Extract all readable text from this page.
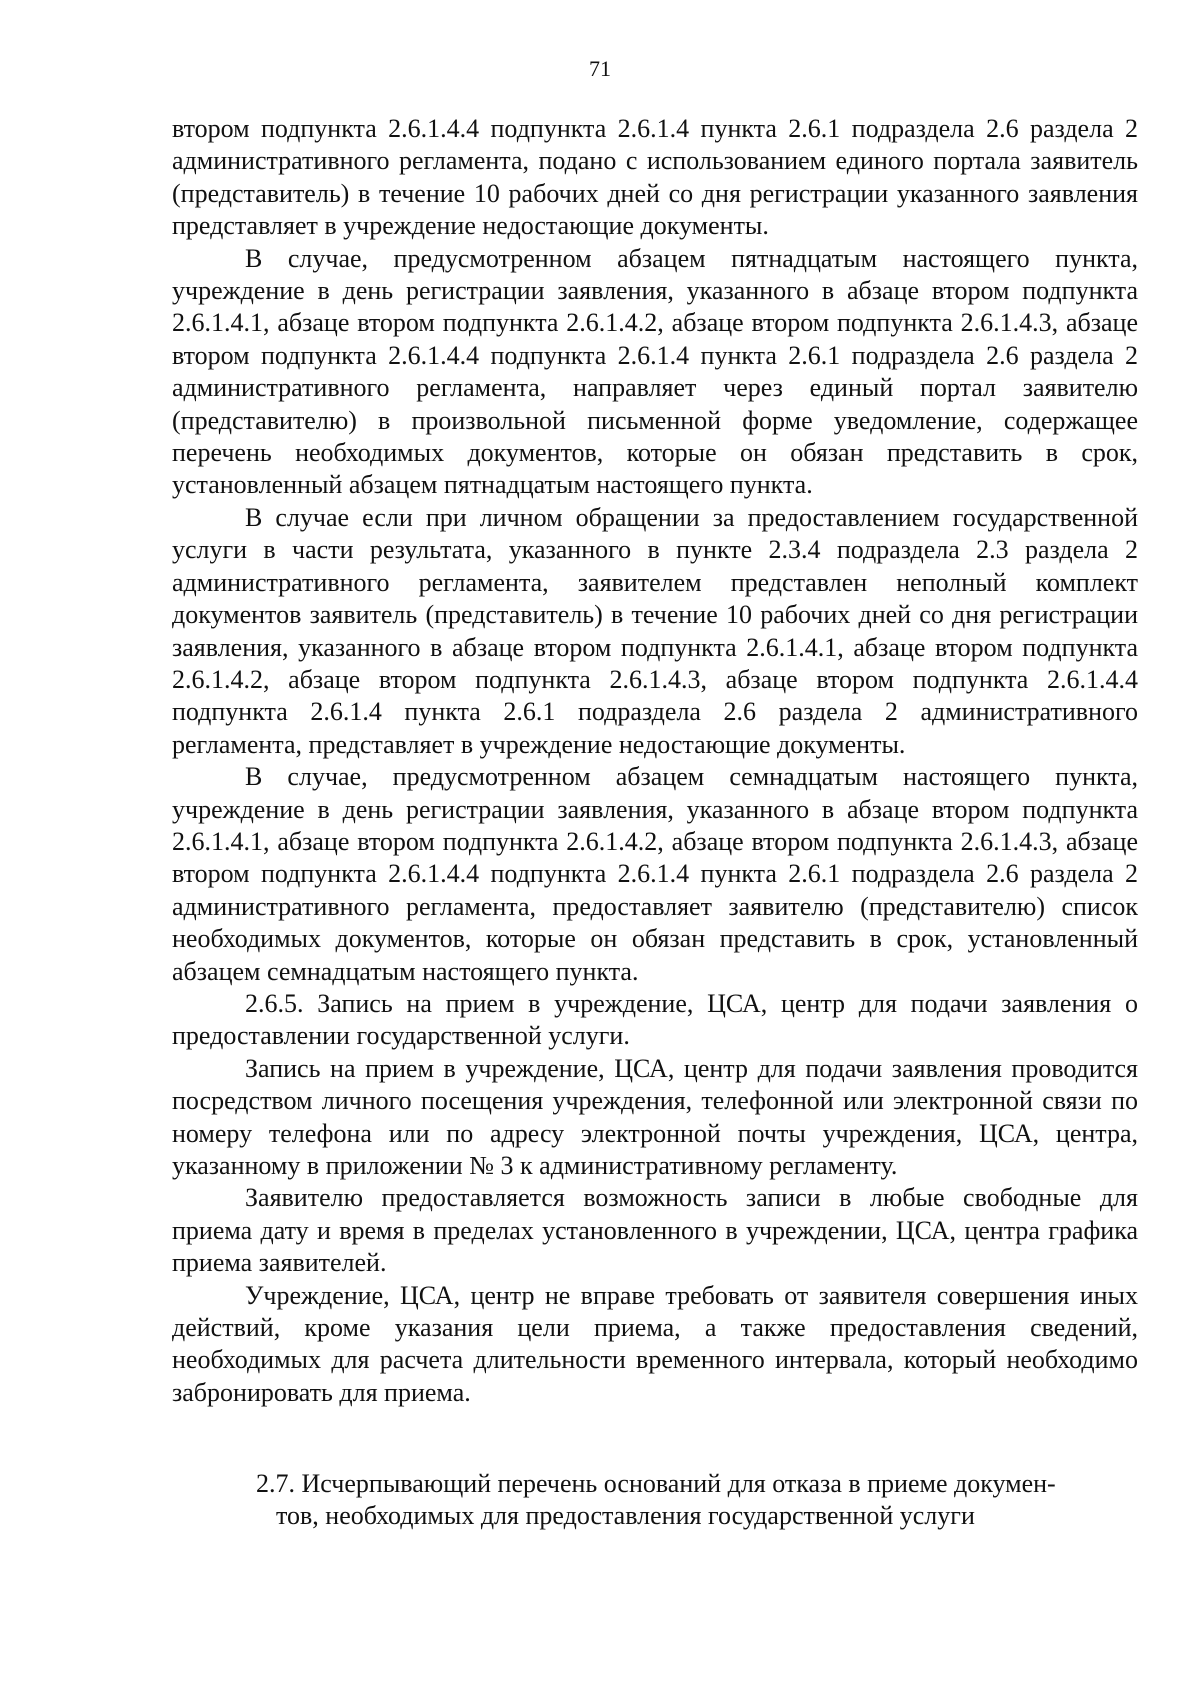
71

втором подпункта 2.6.1.4.4 подпункта 2.6.1.4 пункта 2.6.1 подраздела 2.6 раздела 2 административного регламента, подано с использованием единого портала заявитель (представитель) в течение 10 рабочих дней со дня регистрации указанного заявления представляет в учреждение недостающие документы.

В случае, предусмотренном абзацем пятнадцатым настоящего пункта, учреждение в день регистрации заявления, указанного в абзаце втором подпункта 2.6.1.4.1, абзаце втором подпункта 2.6.1.4.2, абзаце втором подпункта 2.6.1.4.3, абзаце втором подпункта 2.6.1.4.4 подпункта 2.6.1.4 пункта 2.6.1 подраздела 2.6 раздела 2 административного регламента, направляет через единый портал заявителю (представителю) в произвольной письменной форме уведомление, содержащее перечень необходимых документов, которые он обязан представить в срок, установленный абзацем пятнадцатым настоящего пункта.

В случае если при личном обращении за предоставлением государственной услуги в части результата, указанного в пункте 2.3.4 подраздела 2.3 раздела 2 административного регламента, заявителем представлен неполный комплект документов заявитель (представитель) в течение 10 рабочих дней со дня регистрации заявления, указанного в абзаце втором подпункта 2.6.1.4.1, абзаце втором подпункта 2.6.1.4.2, абзаце втором подпункта 2.6.1.4.3, абзаце втором подпункта 2.6.1.4.4 подпункта 2.6.1.4 пункта 2.6.1 подраздела 2.6 раздела 2 административного регламента, представляет в учреждение недостающие документы.

В случае, предусмотренном абзацем семнадцатым настоящего пункта, учреждение в день регистрации заявления, указанного в абзаце втором подпункта 2.6.1.4.1, абзаце втором подпункта 2.6.1.4.2, абзаце втором подпункта 2.6.1.4.3, абзаце втором подпункта 2.6.1.4.4 подпункта 2.6.1.4 пункта 2.6.1 подраздела 2.6 раздела 2 административного регламента, предоставляет заявителю (представителю) список необходимых документов, которые он обязан представить в срок, установленный абзацем семнадцатым настоящего пункта.

2.6.5. Запись на прием в учреждение, ЦСА, центр для подачи заявления о предоставлении государственной услуги.

Запись на прием в учреждение, ЦСА, центр для подачи заявления проводится посредством личного посещения учреждения, телефонной или электронной связи по номеру телефона или по адресу электронной почты учреждения, ЦСА, центра, указанному в приложении № 3 к административному регламенту.

Заявителю предоставляется возможность записи в любые свободные для приема дату и время в пределах установленного в учреждении, ЦСА, центра графика приема заявителей.

Учреждение, ЦСА, центр не вправе требовать от заявителя совершения иных действий, кроме указания цели приема, а также предоставления сведений, необходимых для расчета длительности временного интервала, который необходимо забронировать для приема.

2.7. Исчерпывающий перечень оснований для отказа в приеме докумен-
тов, необходимых для предоставления государственной услуги
